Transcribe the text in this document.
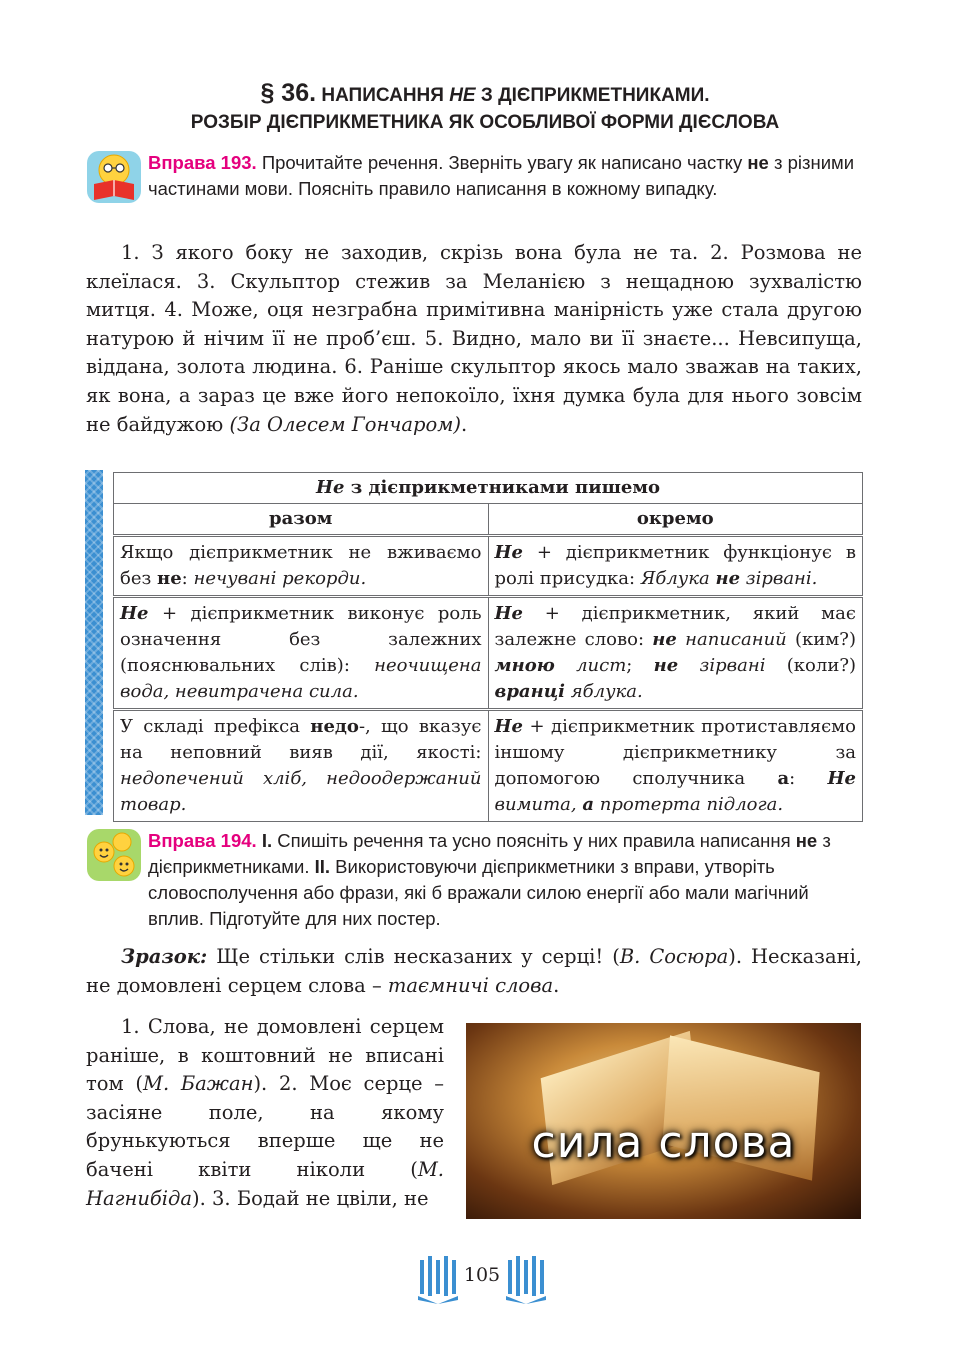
§ 36. НАПИСАННЯ НЕ З ДІЄПРИКМЕТНИКАМИ.
РОЗБІР ДІЄПРИКМЕТНИКА ЯК ОСОБЛИВОЇ ФОРМИ ДІЄСЛОВА
Вправа 193. Прочитайте речення. Зверніть увагу як написано частку не з різними частинами мови. Поясніть правило написання в кожному випадку.
1. З якого боку не заходив, скрізь вона була не та. 2. Розмова не клеїлася. 3. Скульптор стежив за Меланією з нещадною зухвалістю митця. 4. Може, оця незграбна примітивна манірність уже стала другою натурою й нічим її не проб’єш. 5. Видно, мало ви її знаєте... Невсипуща, віддана, золота людина. 6. Раніше скульптор якось мало зважав на таких, як вона, а зараз це вже його непокоїло, їхня думка була для нього зовсім не байдужою (За Олесем Гончаром).
Не з дієприкметниками пишемо	
разом	окремо
Якщо дієприкметник не вживаємо без не: нечувані рекорди.	Не + дієприкметник функціонує в ролі присудка: Яблука не зірвані.
Не + дієприкметник виконує роль означення без залежних (пояснювальних слів): неочищена вода, невитрачена сила.	Не + дієприкметник, який має залежне слово: не написаний (ким?) мною лист; не зірвані (коли?) вранці яблука.
У складі префікса недо-, що вказує на неповний вияв дії, якості: недопечений хліб, недоодержаний товар.	Не + дієприкметник протиставляємо іншому дієприкметнику за допомогою сполучника а: Не вимита, а протерта підлога.
Вправа 194. І. Спишіть речення та усно поясніть у них правила написання не з дієприкметниками. ІІ. Використовуючи дієприкметники з вправи, утворіть словосполучення або фрази, які б вражали силою енергії або мали магічний вплив. Підготуйте для них постер.
Зразок: Ще стільки слів несказаних у серці! (В. Сосюра). Несказані, не домовлені серцем слова – таємничі слова.
1. Слова, не домовлені серцем раніше, в коштовний не вписані том (М. Бажан). 2. Моє серце – засіяне поле, на якому брунькуються вперше ще не бачені квіти ніколи (М. Нагнибіда). 3. Бодай не цвіли, не
сила слова
105
